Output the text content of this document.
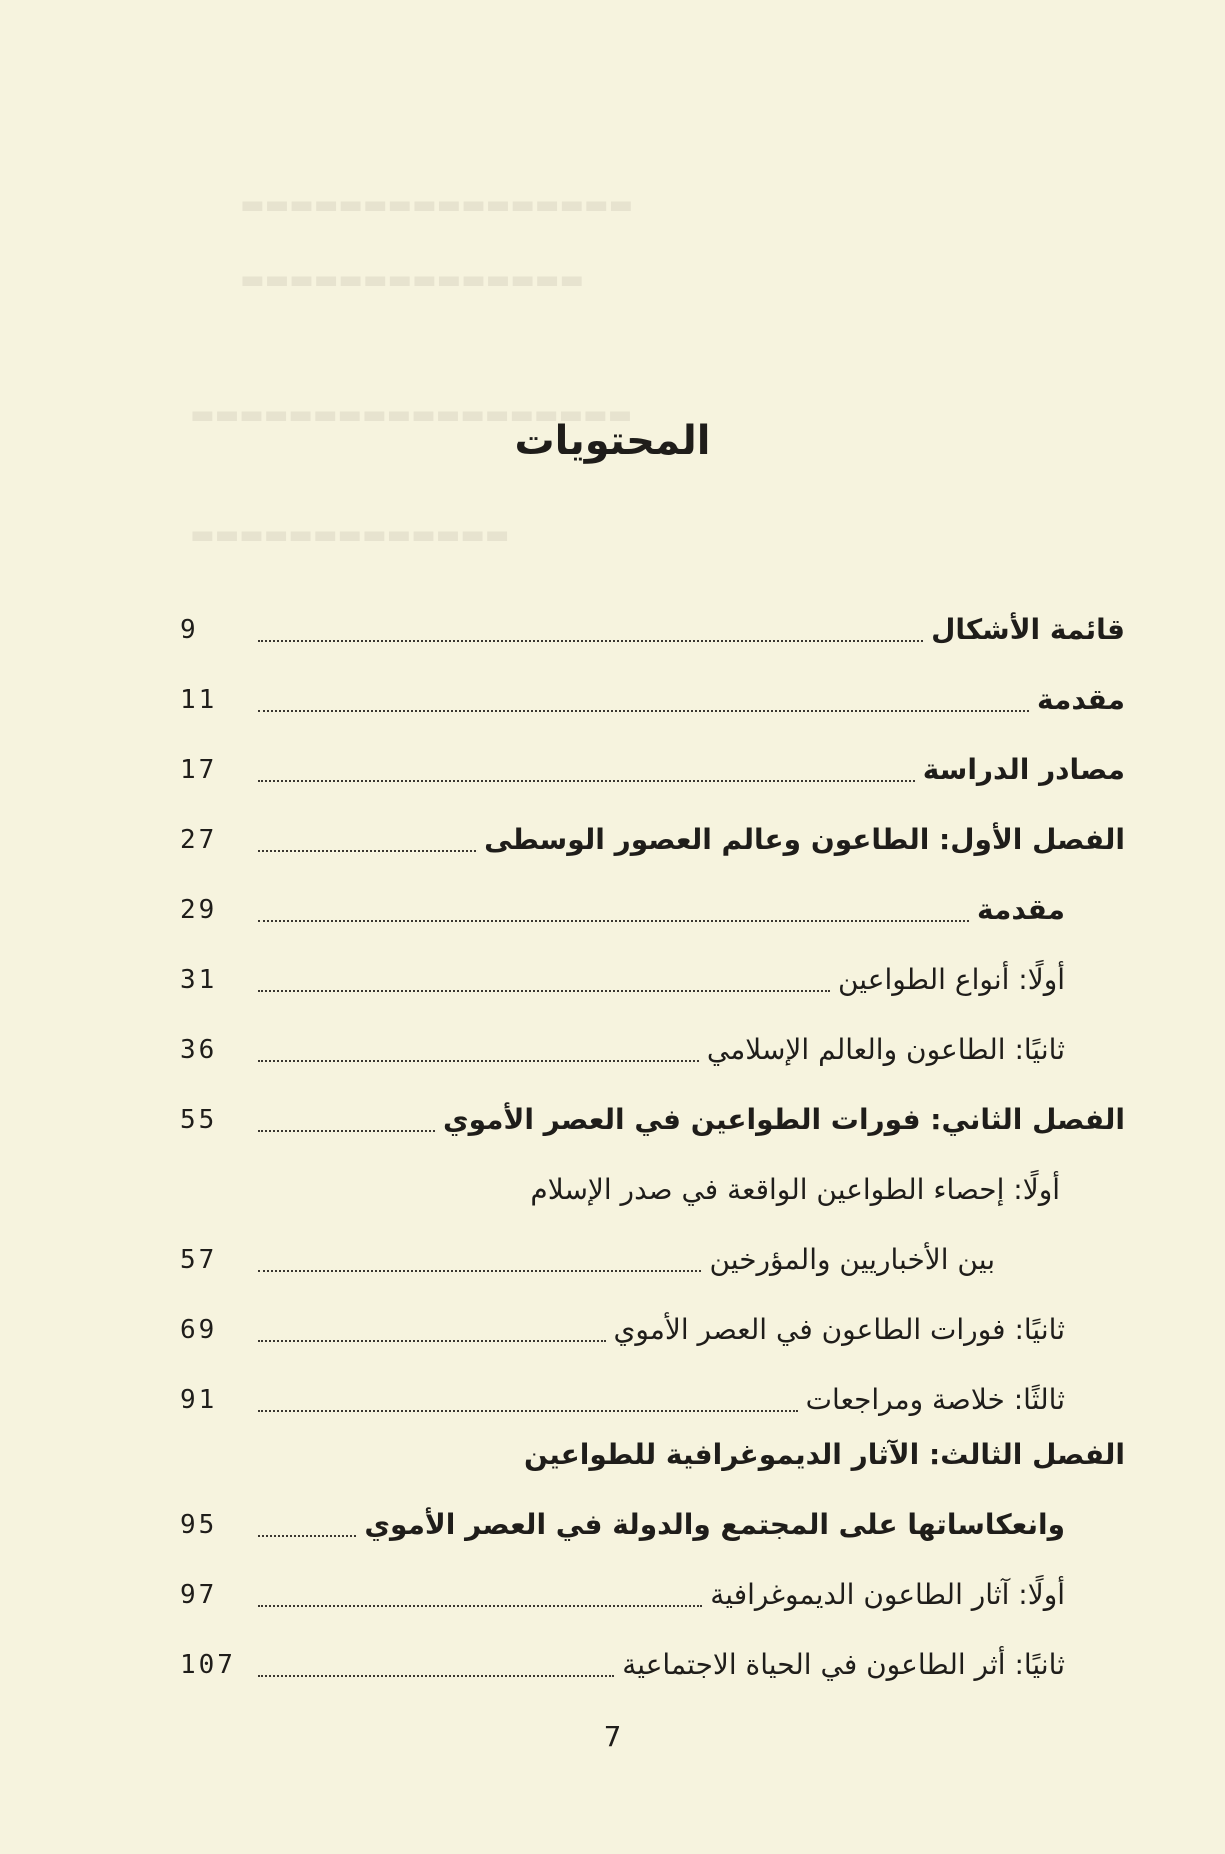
▬▬▬▬▬▬▬▬▬▬▬▬▬▬▬▬
▬▬▬▬▬▬▬▬▬▬▬▬▬▬
▬▬▬▬▬▬▬▬▬▬▬▬▬▬▬▬▬▬
▬▬▬▬▬▬▬▬▬▬▬▬▬
المحتويات
قائمة الأشكال
9
مقدمة
11
مصادر الدراسة
17
الفصل الأول: الطاعون وعالم العصور الوسطى
27
مقدمة
29
أولًا: أنواع الطواعين
31
ثانيًا: الطاعون والعالم الإسلامي
36
الفصل الثاني: فورات الطواعين في العصر الأموي
55
أولًا: إحصاء الطواعين الواقعة في صدر الإسلام
بين الأخباريين والمؤرخين
57
ثانيًا: فورات الطاعون في العصر الأموي
69
ثالثًا: خلاصة ومراجعات
91
الفصل الثالث: الآثار الديموغرافية للطواعين
وانعكاساتها على المجتمع والدولة في العصر الأموي
95
أولًا: آثار الطاعون الديموغرافية
97
ثانيًا: أثر الطاعون في الحياة الاجتماعية
107
7
